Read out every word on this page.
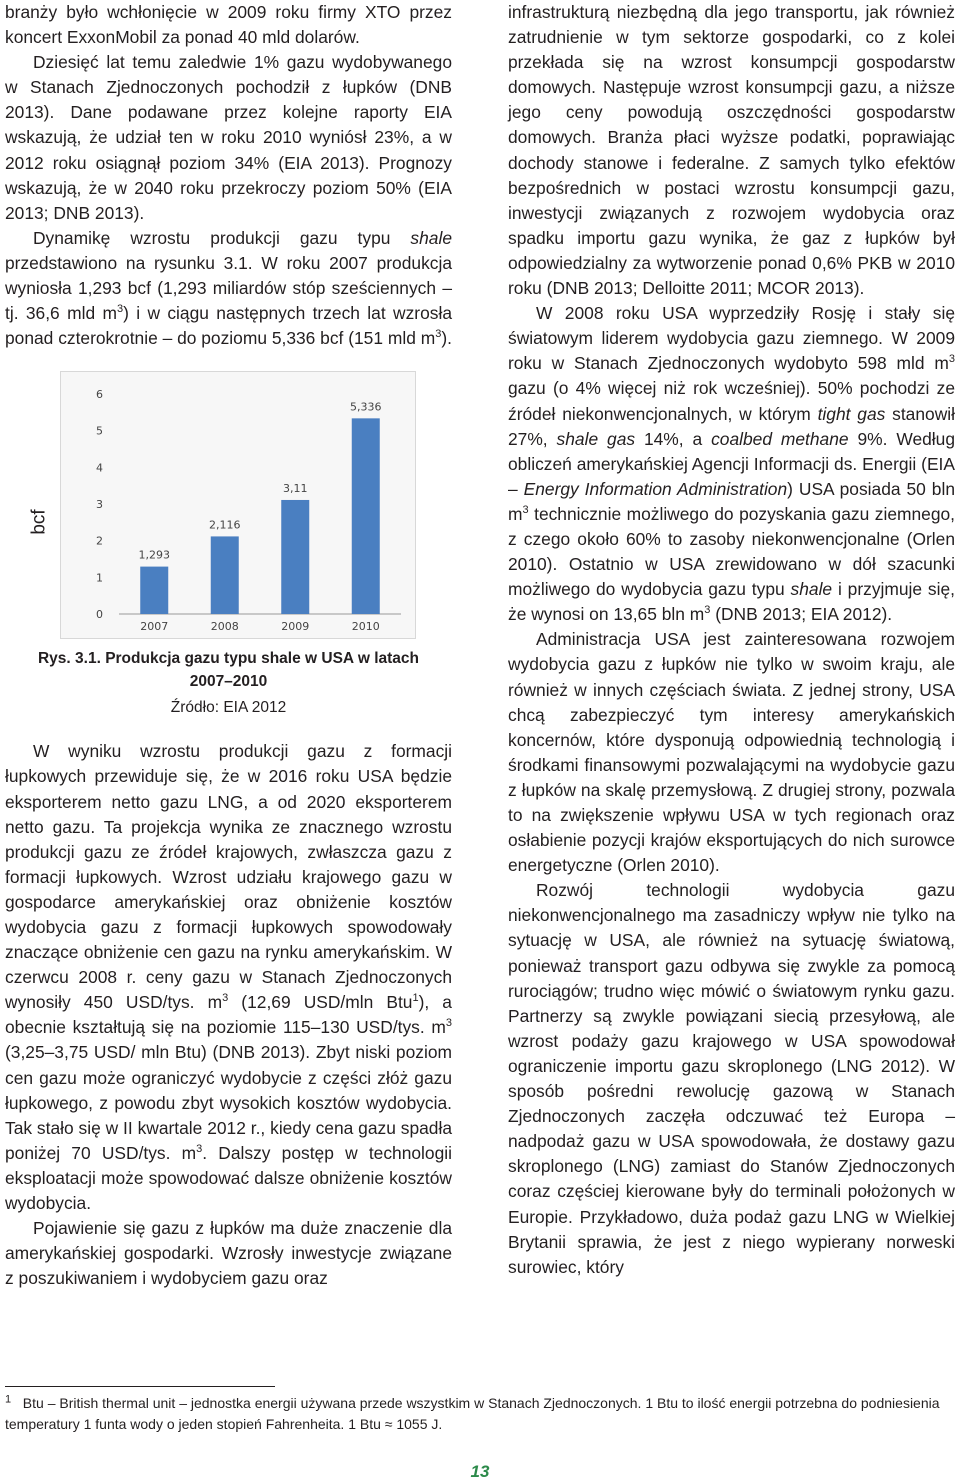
branży było wchłonięcie w 2009 roku firmy XTO przez koncert ExxonMobil za ponad 40 mld dolarów.

Dziesięć lat temu zaledwie 1% gazu wydobywanego w Stanach Zjednoczonych pochodził z łupków (DNB 2013). Dane podawane przez kolejne raporty EIA wskazują, że udział ten w roku 2010 wyniósł 23%, a w 2012 roku osiągnął poziom 34% (EIA 2013). Prognozy wskazują, że w 2040 roku przekroczy poziom 50% (EIA 2013; DNB 2013).

Dynamikę wzrostu produkcji gazu typu shale przedstawiono na rysunku 3.1. W roku 2007 produkcja wyniosła 1,293 bcf (1,293 miliardów stóp sześciennych – tj. 36,6 mld $m^3$) i w ciągu następnych trzech lat wzrosła ponad czterokrotnie – do poziomu 5,336 bcf (151 mld $m^3$).

bcf
0
1
2
3
4
5
6
1,293
2007
2,116
2008
3,11
2009
5,336
2010
Rys. 3.1. Produkcja gazu typu shale w USA w latach
2007–2010
Źródło: EIA 2012

W wyniku wzrostu produkcji gazu z formacji łupkowych przewiduje się, że w 2016 roku USA będzie eksporterem netto gazu LNG, a od 2020 eksporterem netto gazu. Ta projekcja wynika ze znacznego wzrostu produkcji gazu ze źródeł krajowych, zwłaszcza gazu z formacji łupkowych. Wzrost udziału krajowego gazu w gospodarce amerykańskiej oraz obniżenie kosztów wydobycia gazu z formacji łupkowych spowodowały znaczące obniżenie cen gazu na rynku amerykańskim. W czerwcu 2008 r. ceny gazu w Stanach Zjednoczonych wynosiły 450 USD/tys. $m^3$ (12,69 USD/mln Btu$^1$), a obecnie kształtują się na poziomie 115–130 USD/tys. $m^3$ (3,25–3,75 USD/ mln Btu) (DNB 2013). Zbyt niski poziom cen gazu może ograniczyć wydobycie z części złóż gazu łupkowego, z powodu zbyt wysokich kosztów wydobycia. Tak stało się w II kwartale 2012 r., kiedy cena gazu spadła poniżej 70 USD/tys. $m^3$. Dalszy postęp w technologii eksploatacji może spowodować dalsze obniżenie kosztów wydobycia.

Pojawienie się gazu z łupków ma duże znaczenie dla amerykańskiej gospodarki. Wzrosły inwestycje związane z poszukiwaniem i wydobyciem gazu oraz

infrastrukturą niezbędną dla jego transportu, jak również zatrudnienie w tym sektorze gospodarki, co z kolei przekłada się na wzrost konsumpcji gospodarstw domowych. Następuje wzrost konsumpcji gazu, a niższe jego ceny powodują oszczędności gospodarstw domowych. Branża płaci wyższe podatki, poprawiając dochody stanowe i federalne. Z samych tylko efektów bezpośrednich w postaci wzrostu konsumpcji gazu, inwestycji związanych z rozwojem wydobycia oraz spadku importu gazu wynika, że gaz z łupków był odpowiedzialny za wytworzenie ponad 0,6% PKB w 2010 roku (DNB 2013; Delloitte 2011; MCOR 2013).

W 2008 roku USA wyprzedziły Rosję i stały się światowym liderem wydobycia gazu ziemnego. W 2009 roku w Stanach Zjednoczonych wydobyto 598 mld $m^3$ gazu (o 4% więcej niż rok wcześniej). 50% pochodzi ze źródeł niekonwencjonalnych, w którym tight gas stanowił 27%, shale gas 14%, a coalbed methane 9%. Według obliczeń amerykańskiej Agencji Informacji ds. Energii (EIA – Energy Information Administration) USA posiada 50 bln $m^3$ technicznie możliwego do pozyskania gazu ziemnego, z czego około 60% to zasoby niekonwencjonalne (Orlen 2010). Ostatnio w USA zrewidowano w dół szacunki możliwego do wydobycia gazu typu shale i przyjmuje się, że wynosi on 13,65 bln $m^3$ (DNB 2013; EIA 2012).

Administracja USA jest zainteresowana rozwojem wydobycia gazu z łupków nie tylko w swoim kraju, ale również w innych częściach świata. Z jednej strony, USA chcą zabezpieczyć tym interesy amerykańskich koncernów, które dysponują odpowiednią technologią i środkami finansowymi pozwalającymi na wydobycie gazu z łupków na skalę przemysłową. Z drugiej strony, pozwala to na zwiększenie wpływu USA w tych regionach oraz osłabienie pozycji krajów eksportujących do nich surowce energetyczne (Orlen 2010).

Rozwój technologii wydobycia gazu niekonwencjonalnego ma zasadniczy wpływ nie tylko na sytuację w USA, ale również na sytuację światową, ponieważ transport gazu odbywa się zwykle za pomocą rurociągów; trudno więc mówić o światowym rynku gazu. Partnerzy są zwykle powiązani siecią przesyłową, ale wzrost podaży gazu krajowego w USA spowodował ograniczenie importu gazu skroplonego (LNG 2012). W sposób pośredni rewolucję gazową w Stanach Zjednoczonych zaczęła odczuwać też Europa – nadpodaż gazu w USA spowodowała, że dostawy gazu skroplonego (LNG) zamiast do Stanów Zjednoczonych coraz częściej kierowane były do terminali położonych w Europie. Przykładowo, duża podaż gazu LNG w Wielkiej Brytanii sprawia, że jest z niego wypierany norweski surowiec, który

$^1$ Btu – British thermal unit – jednostka energii używana przede wszystkim w Stanach Zjednoczonych. 1 Btu to ilość energii potrzebna do podniesienia temperatury 1 funta wody o jeden stopień Fahrenheita. 1 Btu ≈ 1055 J.
13
